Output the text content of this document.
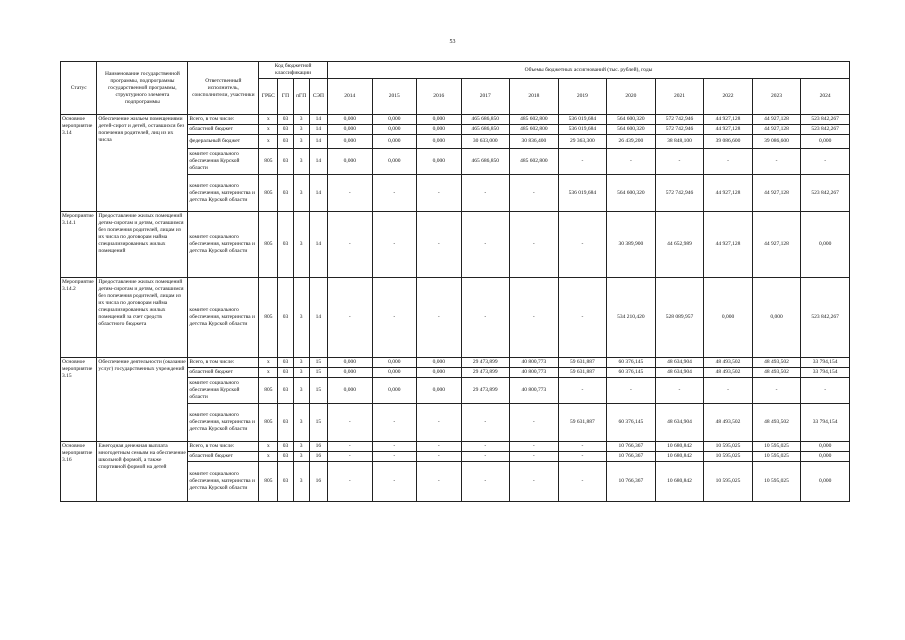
53
Статус	Наименование государственной программы, подпрограммы государственной программы, структурного элемента подпрограммы	Ответственный исполнитель, соисполнители, участники	Код бюджетной классификации				Объемы бюджетных ассигнований (тыс. рублей), годы										
			ГРБС	ГП	пГП	СЭП	2014	2015	2016	2017	2018	2019	2020	2021	2022	2023	2024
Основное мероприятие 3.14	Обеспечение жильем помещениями детей-сирот и детей, оставшихся без попечения родителей, лиц из их числа	Всего, в том числе:	х	03	3	14	0,000	0,000	0,000	465 686,850	485 602,800	536 019,684	564 600,320	572 742,946	44 927,128	44 927,128	523 842,267
		областной бюджет	х	03	3	14	0,000	0,000	0,000	465 686,850	485 602,800	536 019,684	564 600,320	572 742,946	44 927,128	44 927,128	523 842,267
		федеральный бюджет	х	03	3	14	0,000	0,000	0,000	30 633,000	30 836,400	29 363,300	26 439,200	38 848,100	39 086,600	39 086,600	0,000
		комитет социального обеспечения Курской области	805	03	3	14	0,000	0,000	0,000	465 686,850	485 602,800	-	-	-	-	-	-
		комитет социального обеспечения, материнства и детства Курской области	805	03	3	14	-	-	-	-	-	536 019,684	564 600,320	572 742,946	44 927,128	44 927,128	523 842,267
Мероприятие 3.14.1	Предоставление жилых помещений детям-сиротам и детям, оставшимся без попечения родителей, лицам из их числа по договорам найма специализированных жилых помещений	комитет социального обеспечения, материнства и детства Курской области	805	03	3	14	-	-	-	-	-	-	30 389,900	44 652,989	44 927,128	44 927,128	0,000
Мероприятие 3.14.2	Предоставление жилых помещений детям-сиротам и детям, оставшимся без попечения родителей, лицам из их числа по договорам найма специализированных жилых помещений за счет средств областного бюджета	комитет социального обеспечения, материнства и детства Курской области	805	03	3	14	-	-	-	-	-	-	534 210,420	528 089,957	0,000	0,000	523 842,267
Основное мероприятие 3.15	Обеспечение деятельности (оказание услуг) государственных учреждений	Всего, в том числе:	х	03	3	15	0,000	0,000	0,000	29 473,899	40 800,773	59 631,887	60 376,145	48 634,904	48 493,502	48 493,502	33 794,154
		областной бюджет	х	03	3	15	0,000	0,000	0,000	29 473,899	40 800,773	59 631,887	60 376,145	48 634,904	48 493,502	48 493,502	33 794,154
		комитет социального обеспечения Курской области	805	03	3	15	0,000	0,000	0,000	29 473,899	40 800,773	-	-	-	-	-	-
		комитет социального обеспечения, материнства и детства Курской области	805	03	3	15	-	-	-	-	-	59 631,887	60 376,145	48 634,904	48 493,502	48 493,502	33 794,154
Основное мероприятие 3.16	Ежегодная денежная выплата многодетным семьям на обеспечение школьной формой, а также спортивной формой на детей	Всего, в том числе:	х	03	3	16	-	-	-	-	-	-	10 766,367	10 680,842	10 595,025	10 595,025	0,000
		областной бюджет	х	03	3	16	-	-	-	-	-	-	10 766,367	10 680,842	10 595,025	10 595,025	0,000
		комитет социального обеспечения, материнства и детства Курской области	805	03	3	16	-	-	-	-	-	-	10 766,367	10 680,842	10 595,025	10 595,025	0,000
